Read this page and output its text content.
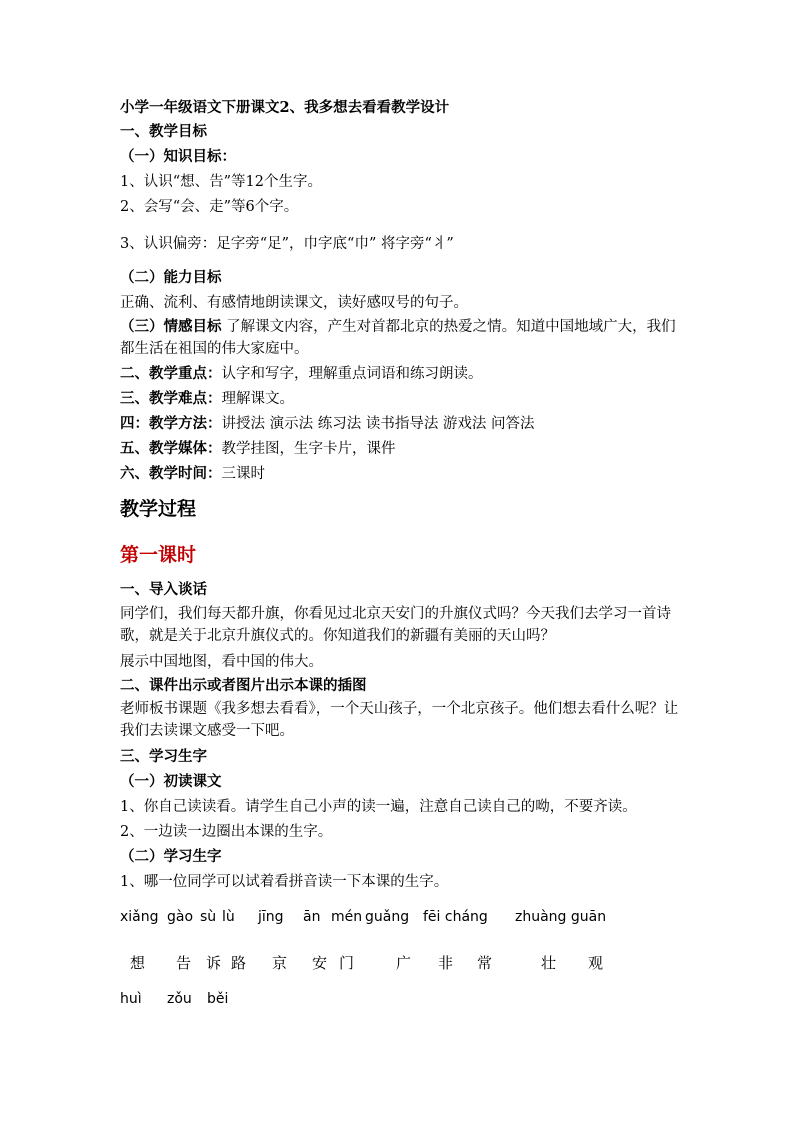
小学一年级语文下册课文2、我多想去看看教学设计
一、教学目标
（一）知识目标：
1、认识“想、告”等12个生字。
2、会写“会、走”等6个字。
3、认识偏旁：足字旁“足”，巾字底“巾” 将字旁“丬”
（二）能力目标
正确、流利、有感情地朗读课文，读好感叹号的句子。
（三）情感目标 了解课文内容，产生对首都北京的热爱之情。知道中国地域广大，我们都生活在祖国的伟大家庭中。
二、教学重点：认字和写字，理解重点词语和练习朗读。
三、教学难点：理解课文。
四：教学方法：讲授法 演示法 练习法 读书指导法 游戏法 问答法
五、教学媒体：教学挂图，生字卡片，课件
六、教学时间：三课时
教学过程
第一课时
一、导入谈话
同学们，我们每天都升旗，你看见过北京天安门的升旗仪式吗？今天我们去学习一首诗歌，就是关于北京升旗仪式的。你知道我们的新疆有美丽的天山吗？
展示中国地图，看中国的伟大。
二、课件出示或者图片出示本课的插图
老师板书课题《我多想去看看》，一个天山孩子，一个北京孩子。他们想去看什么呢？让我们去读课文感受一下吧。
三、学习生字
（一）初读课文
1、你自己读读看。请学生自己小声的读一遍，注意自己读自己的呦，不要齐读。
2、一边读一边圈出本课的生字。
（二）学习生字
1、哪一位同学可以试着看拼音读一下本课的生字。
xiǎng gào sù lù jīng ān mén guǎng fēi cháng zhuàng guān
想 告 诉 路 京 安 门	广 非 常	壮 观
huì zǒu běi
